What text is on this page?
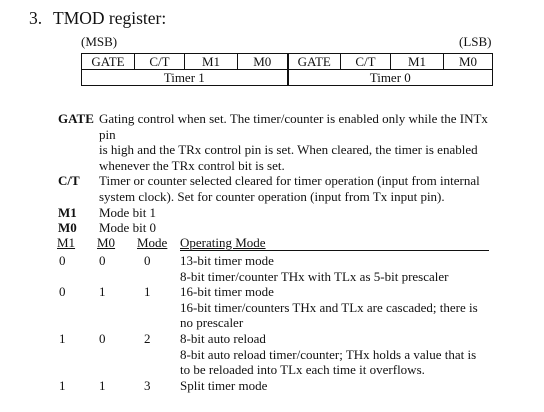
3. TMOD register:
(MSB)	(LSB)
GATE	C/T	M1	M0	GATE	C/T	M1	M0
Timer 1				Timer 0			
GATE Gating control when set. The timer/counter is enabled only while the INTx pin
is high and the TRx control pin is set. When cleared, the timer is enabled
whenever the TRx control bit is set.
C/T	Timer or counter selected cleared for timer operation (input from internal
system clock). Set for counter operation (input from Tx input pin).
M1	Mode bit 1
M0	Mode bit 0
M1	M0	Mode	Operating Mode
0	0	0	13-bit timer mode
8-bit timer/counter THx with TLx as 5-bit prescaler

0	1	1	16-bit timer mode
16-bit timer/counters THx and TLx are cascaded; there is
no prescaler

1	0	2	8-bit auto reload
8-bit auto reload timer/counter; THx holds a value that is
to be reloaded into TLx each time it overflows.

1	1	3	Split timer mode
